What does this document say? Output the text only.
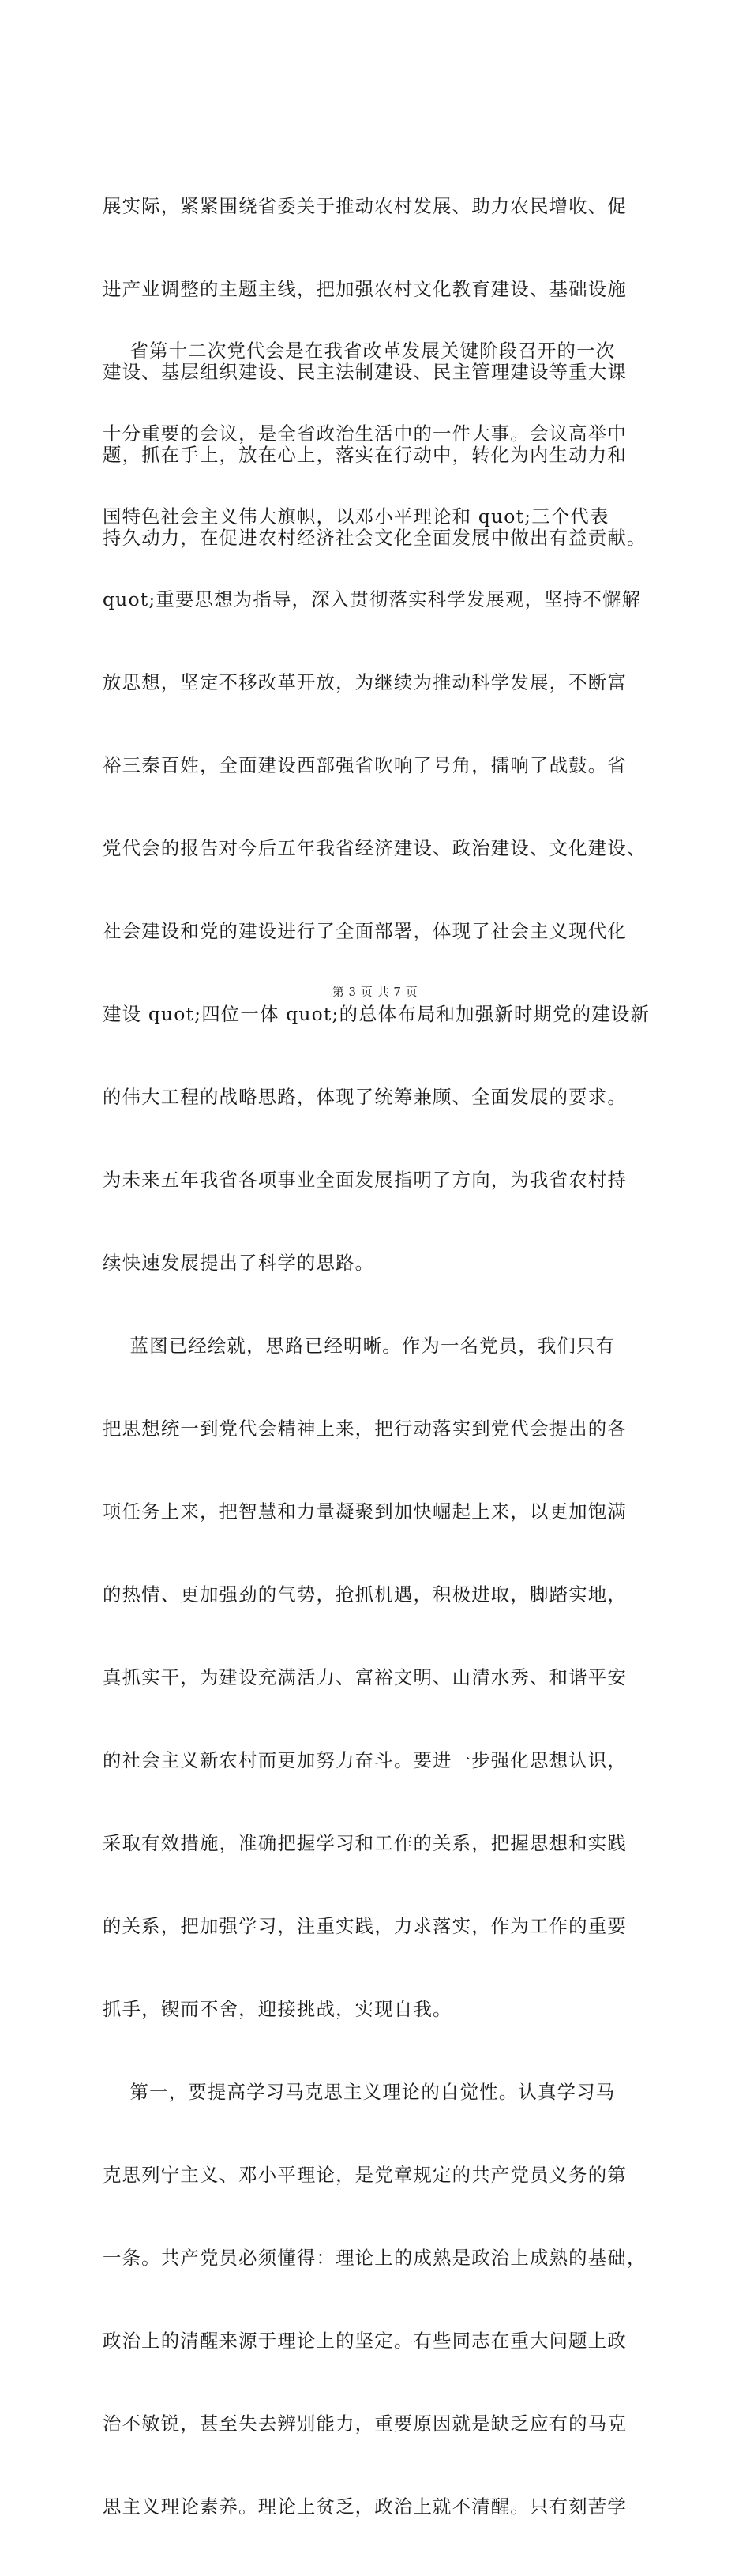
展实际，紧紧围绕省委关于推动农村发展、助力农民增收、促

进产业调整的主题主线，把加强农村文化教育建设、基础设施

建设、基层组织建设、民主法制建设、民主管理建设等重大课

题，抓在手上，放在心上，落实在行动中，转化为内生动力和

持久动力，在促进农村经济社会文化全面发展中做出有益贡献。

省第十二次党代会是在我省改革发展关键阶段召开的一次

十分重要的会议，是全省政治生活中的一件大事。会议高举中

国特色社会主义伟大旗帜，以邓小平理论和 quot;三个代表

quot;重要思想为指导，深入贯彻落实科学发展观，坚持不懈解

放思想，坚定不移改革开放，为继续为推动科学发展，不断富

裕三秦百姓，全面建设西部强省吹响了号角，擂响了战鼓。省

党代会的报告对今后五年我省经济建设、政治建设、文化建设、

社会建设和党的建设进行了全面部署，体现了社会主义现代化

建设 quot;四位一体 quot;的总体布局和加强新时期党的建设新

的伟大工程的战略思路，体现了统筹兼顾、全面发展的要求。

为未来五年我省各项事业全面发展指明了方向，为我省农村持

续快速发展提出了科学的思路。

蓝图已经绘就，思路已经明晰。作为一名党员，我们只有

把思想统一到党代会精神上来，把行动落实到党代会提出的各

项任务上来，把智慧和力量凝聚到加快崛起上来，以更加饱满

的热情、更加强劲的气势，抢抓机遇，积极进取，脚踏实地，

真抓实干，为建设充满活力、富裕文明、山清水秀、和谐平安

的社会主义新农村而更加努力奋斗。要进一步强化思想认识，

采取有效措施，准确把握学习和工作的关系，把握思想和实践

的关系，把加强学习，注重实践，力求落实，作为工作的重要

抓手，锲而不舍，迎接挑战，实现自我。

第一，要提高学习马克思主义理论的自觉性。认真学习马

克思列宁主义、邓小平理论，是党章规定的共产党员义务的第

一条。共产党员必须懂得：理论上的成熟是政治上成熟的基础，

政治上的清醒来源于理论上的坚定。有些同志在重大问题上政

治不敏锐，甚至失去辨别能力，重要原因就是缺乏应有的马克

思主义理论素养。理论上贫乏，政治上就不清醒。只有刻苦学

第 3 页 共 7 页
